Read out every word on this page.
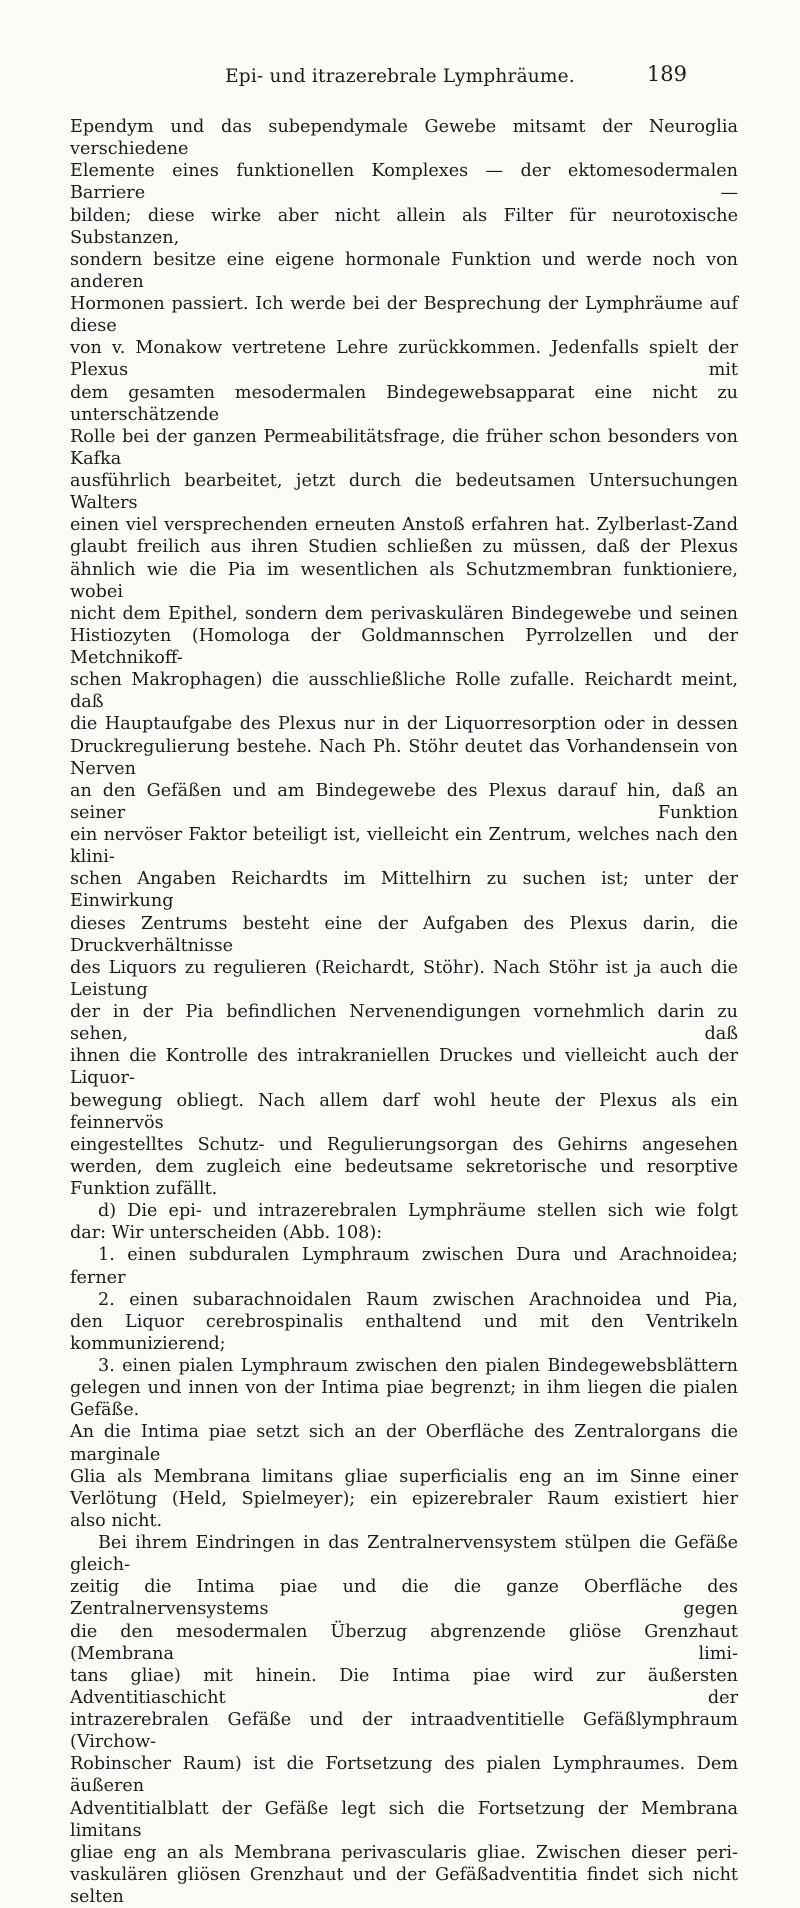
Epi- und itrazerebrale Lymphräume.	189
Ependym und das subependymale Gewebe mitsamt der Neuroglia verschiedene
Elemente eines funktionellen Komplexes — der ektomesodermalen Barriere —
bilden; diese wirke aber nicht allein als Filter für neurotoxische Substanzen,
sondern besitze eine eigene hormonale Funktion und werde noch von anderen
Hormonen passiert. Ich werde bei der Besprechung der Lymphräume auf diese
von v. Monakow vertretene Lehre zurückkommen. Jedenfalls spielt der Plexus mit
dem gesamten mesodermalen Bindegewebsapparat eine nicht zu unterschätzende
Rolle bei der ganzen Permeabilitätsfrage, die früher schon besonders von Kafka
ausführlich bearbeitet, jetzt durch die bedeutsamen Untersuchungen Walters
einen viel versprechenden erneuten Anstoß erfahren hat. Zylberlast-Zand
glaubt freilich aus ihren Studien schließen zu müssen, daß der Plexus
ähnlich wie die Pia im wesentlichen als Schutzmembran funktioniere, wobei
nicht dem Epithel, sondern dem perivaskulären Bindegewebe und seinen
Histiozyten (Homologa der Goldmannschen Pyrrolzellen und der Metchnikoff-
schen Makrophagen) die ausschließliche Rolle zufalle. Reichardt meint, daß
die Hauptaufgabe des Plexus nur in der Liquorresorption oder in dessen
Druckregulierung bestehe. Nach Ph. Stöhr deutet das Vorhandensein von Nerven
an den Gefäßen und am Bindegewebe des Plexus darauf hin, daß an seiner Funktion
ein nervöser Faktor beteiligt ist, vielleicht ein Zentrum, welches nach den klini-
schen Angaben Reichardts im Mittelhirn zu suchen ist; unter der Einwirkung
dieses Zentrums besteht eine der Aufgaben des Plexus darin, die Druckverhältnisse
des Liquors zu regulieren (Reichardt, Stöhr). Nach Stöhr ist ja auch die Leistung
der in der Pia befindlichen Nervenendigungen vornehmlich darin zu sehen, daß
ihnen die Kontrolle des intrakraniellen Druckes und vielleicht auch der Liquor-
bewegung obliegt. Nach allem darf wohl heute der Plexus als ein feinnervös
eingestelltes Schutz- und Regulierungsorgan des Gehirns angesehen
werden, dem zugleich eine bedeutsame sekretorische und resorptive
Funktion zufällt.
d) Die epi- und intrazerebralen Lymphräume stellen sich wie folgt
dar: Wir unterscheiden (Abb. 108):
1. einen subduralen Lymphraum zwischen Dura und Arachnoidea;
ferner
2. einen subarachnoidalen Raum zwischen Arachnoidea und Pia,
den Liquor cerebrospinalis enthaltend und mit den Ventrikeln kommunizierend;
3. einen pialen Lymphraum zwischen den pialen Bindegewebsblättern
gelegen und innen von der Intima piae begrenzt; in ihm liegen die pialen Gefäße.
An die Intima piae setzt sich an der Oberfläche des Zentralorgans die marginale
Glia als Membrana limitans gliae superficialis eng an im Sinne einer
Verlötung (Held, Spielmeyer); ein epizerebraler Raum existiert hier
also nicht.
Bei ihrem Eindringen in das Zentralnervensystem stülpen die Gefäße gleich-
zeitig die Intima piae und die die ganze Oberfläche des Zentralnervensystems gegen
die den mesodermalen Überzug abgrenzende gliöse Grenzhaut (Membrana limi-
tans gliae) mit hinein. Die Intima piae wird zur äußersten Adventitiaschicht der
intrazerebralen Gefäße und der intraadventitielle Gefäßlymphraum (Virchow-
Robinscher Raum) ist die Fortsetzung des pialen Lymphraumes. Dem äußeren
Adventitialblatt der Gefäße legt sich die Fortsetzung der Membrana limitans
gliae eng an als Membrana perivascularis gliae. Zwischen dieser peri-
vaskulären gliösen Grenzhaut und der Gefäßadventitia findet sich nicht selten
